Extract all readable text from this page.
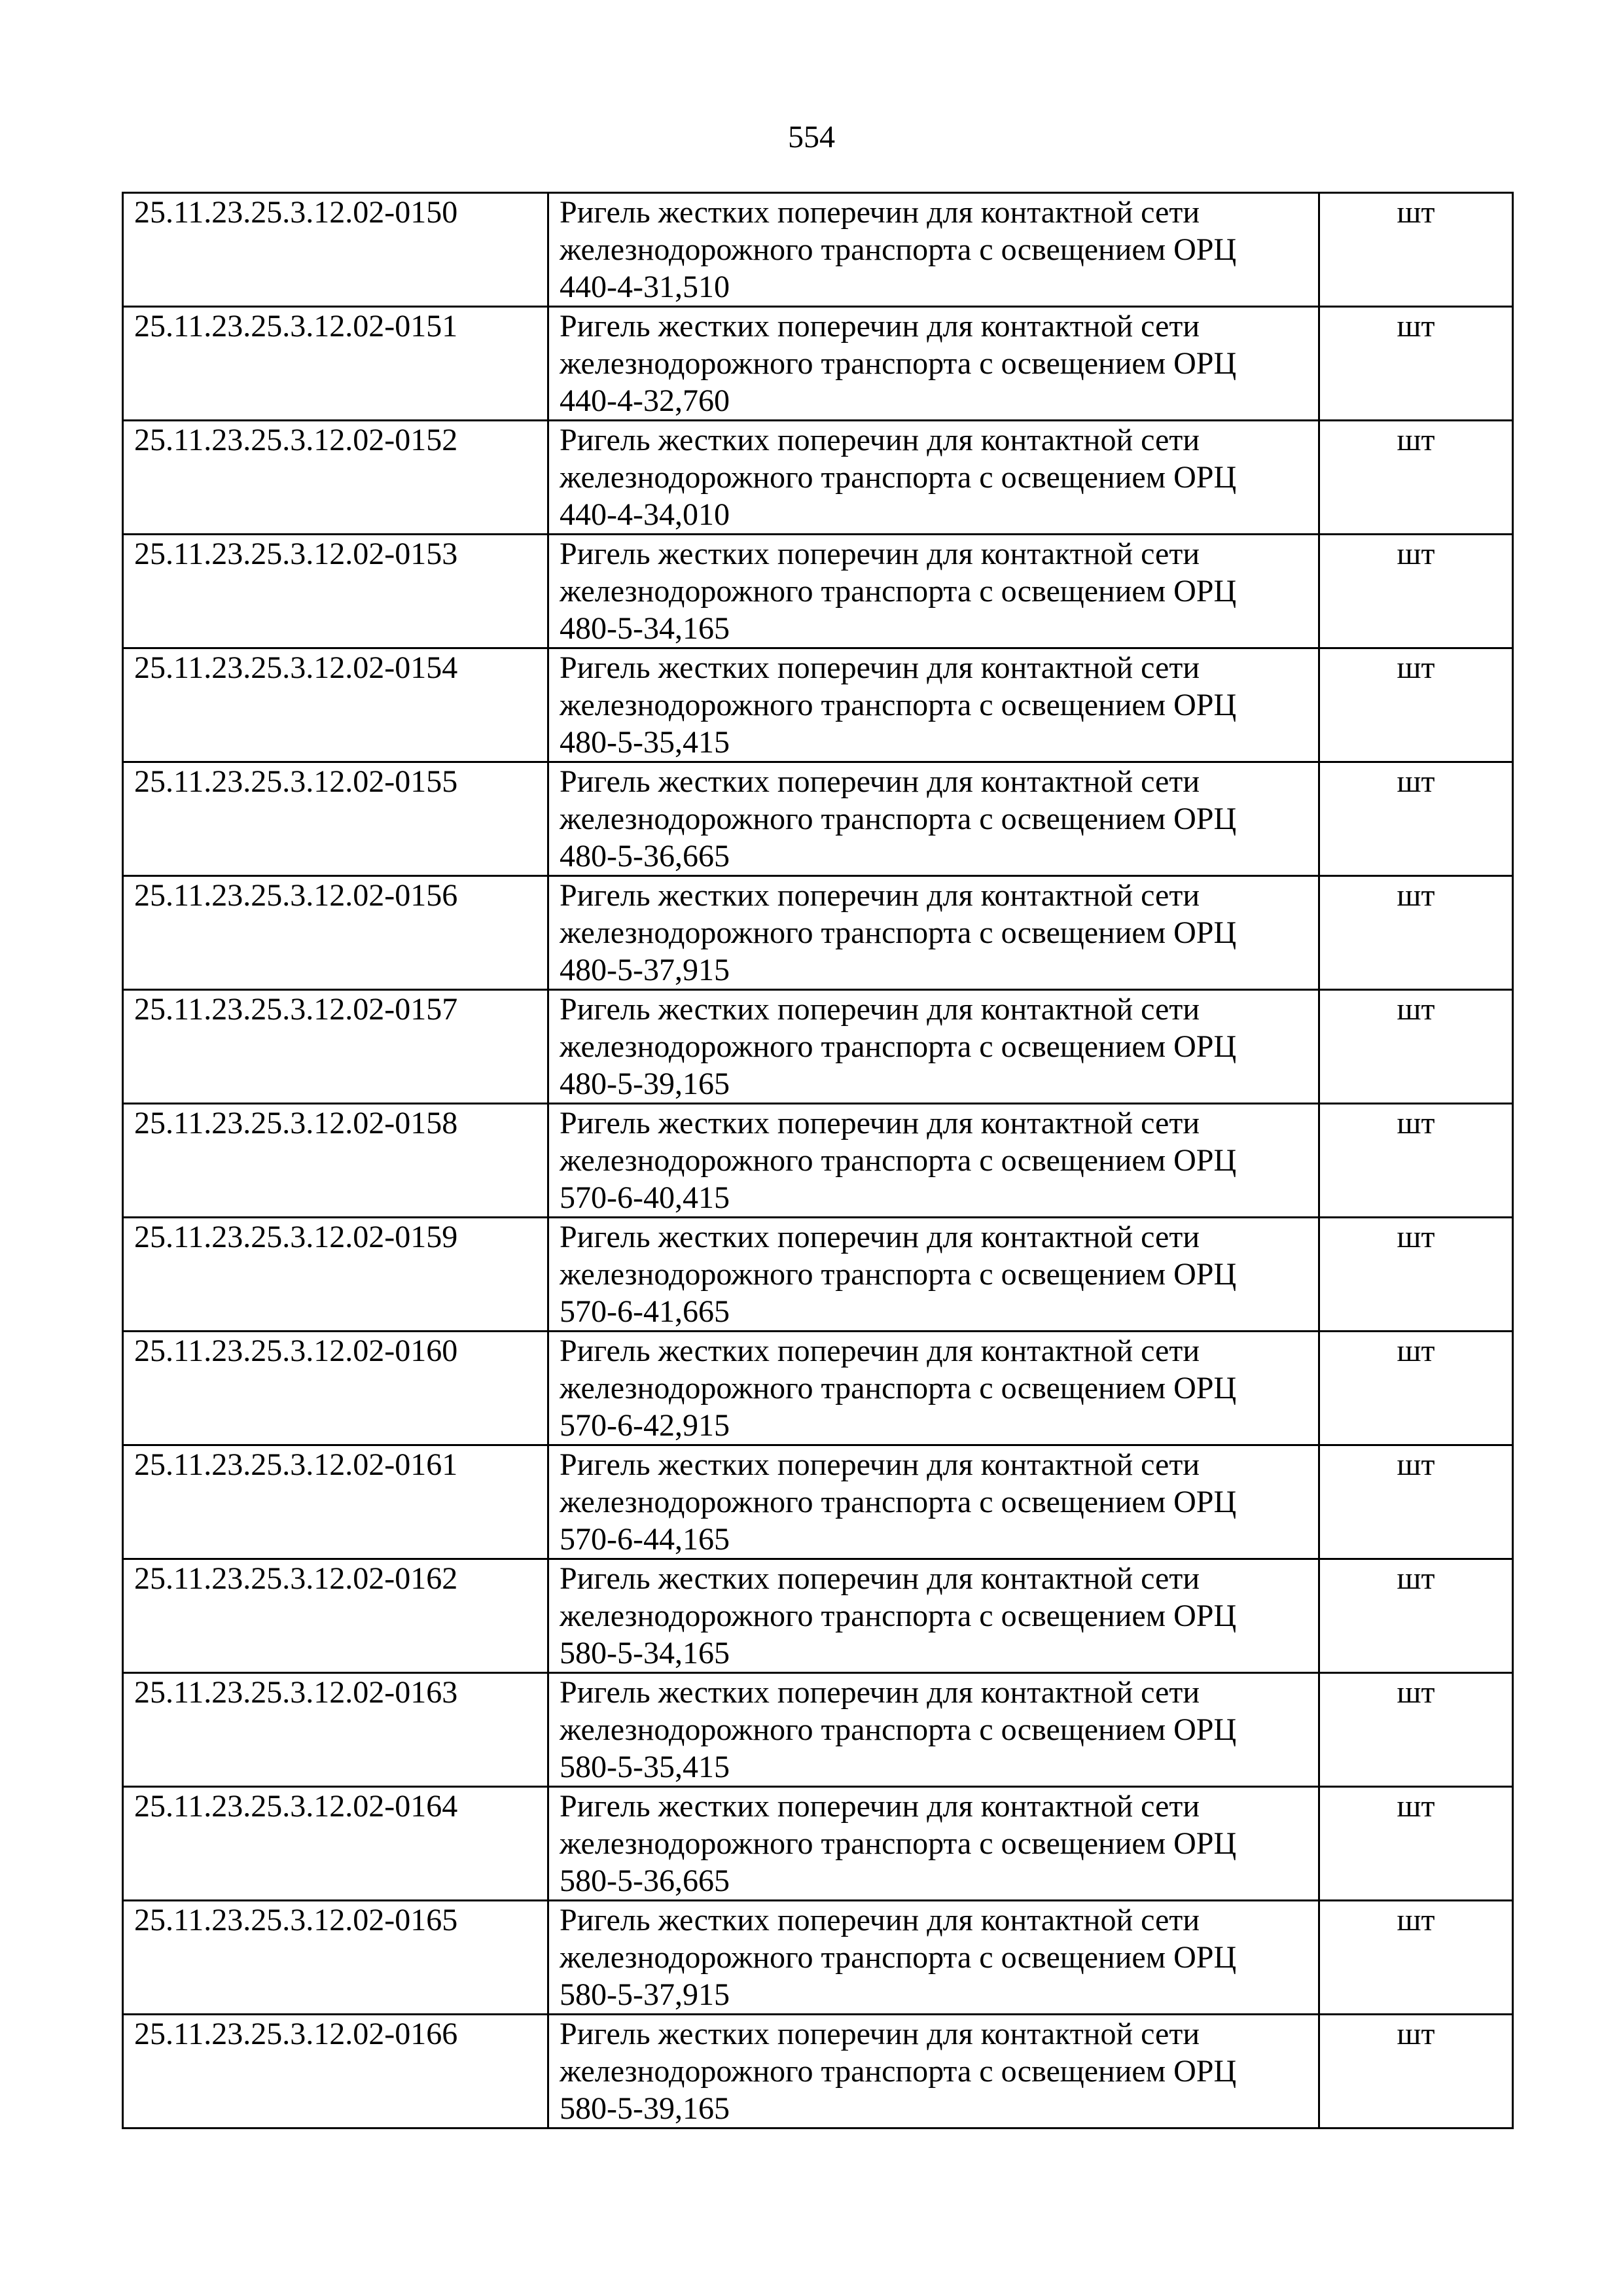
554
25.11.23.25.3.12.02-0150	Ригель жестких поперечин для контактной сети
железнодорожного транспорта с освещением ОРЦ
440-4-31,510	шт
25.11.23.25.3.12.02-0151	Ригель жестких поперечин для контактной сети
железнодорожного транспорта с освещением ОРЦ
440-4-32,760	шт
25.11.23.25.3.12.02-0152	Ригель жестких поперечин для контактной сети
железнодорожного транспорта с освещением ОРЦ
440-4-34,010	шт
25.11.23.25.3.12.02-0153	Ригель жестких поперечин для контактной сети
железнодорожного транспорта с освещением ОРЦ
480-5-34,165	шт
25.11.23.25.3.12.02-0154	Ригель жестких поперечин для контактной сети
железнодорожного транспорта с освещением ОРЦ
480-5-35,415	шт
25.11.23.25.3.12.02-0155	Ригель жестких поперечин для контактной сети
железнодорожного транспорта с освещением ОРЦ
480-5-36,665	шт
25.11.23.25.3.12.02-0156	Ригель жестких поперечин для контактной сети
железнодорожного транспорта с освещением ОРЦ
480-5-37,915	шт
25.11.23.25.3.12.02-0157	Ригель жестких поперечин для контактной сети
железнодорожного транспорта с освещением ОРЦ
480-5-39,165	шт
25.11.23.25.3.12.02-0158	Ригель жестких поперечин для контактной сети
железнодорожного транспорта с освещением ОРЦ
570-6-40,415	шт
25.11.23.25.3.12.02-0159	Ригель жестких поперечин для контактной сети
железнодорожного транспорта с освещением ОРЦ
570-6-41,665	шт
25.11.23.25.3.12.02-0160	Ригель жестких поперечин для контактной сети
железнодорожного транспорта с освещением ОРЦ
570-6-42,915	шт
25.11.23.25.3.12.02-0161	Ригель жестких поперечин для контактной сети
железнодорожного транспорта с освещением ОРЦ
570-6-44,165	шт
25.11.23.25.3.12.02-0162	Ригель жестких поперечин для контактной сети
железнодорожного транспорта с освещением ОРЦ
580-5-34,165	шт
25.11.23.25.3.12.02-0163	Ригель жестких поперечин для контактной сети
железнодорожного транспорта с освещением ОРЦ
580-5-35,415	шт
25.11.23.25.3.12.02-0164	Ригель жестких поперечин для контактной сети
железнодорожного транспорта с освещением ОРЦ
580-5-36,665	шт
25.11.23.25.3.12.02-0165	Ригель жестких поперечин для контактной сети
железнодорожного транспорта с освещением ОРЦ
580-5-37,915	шт
25.11.23.25.3.12.02-0166	Ригель жестких поперечин для контактной сети
железнодорожного транспорта с освещением ОРЦ
580-5-39,165	шт
